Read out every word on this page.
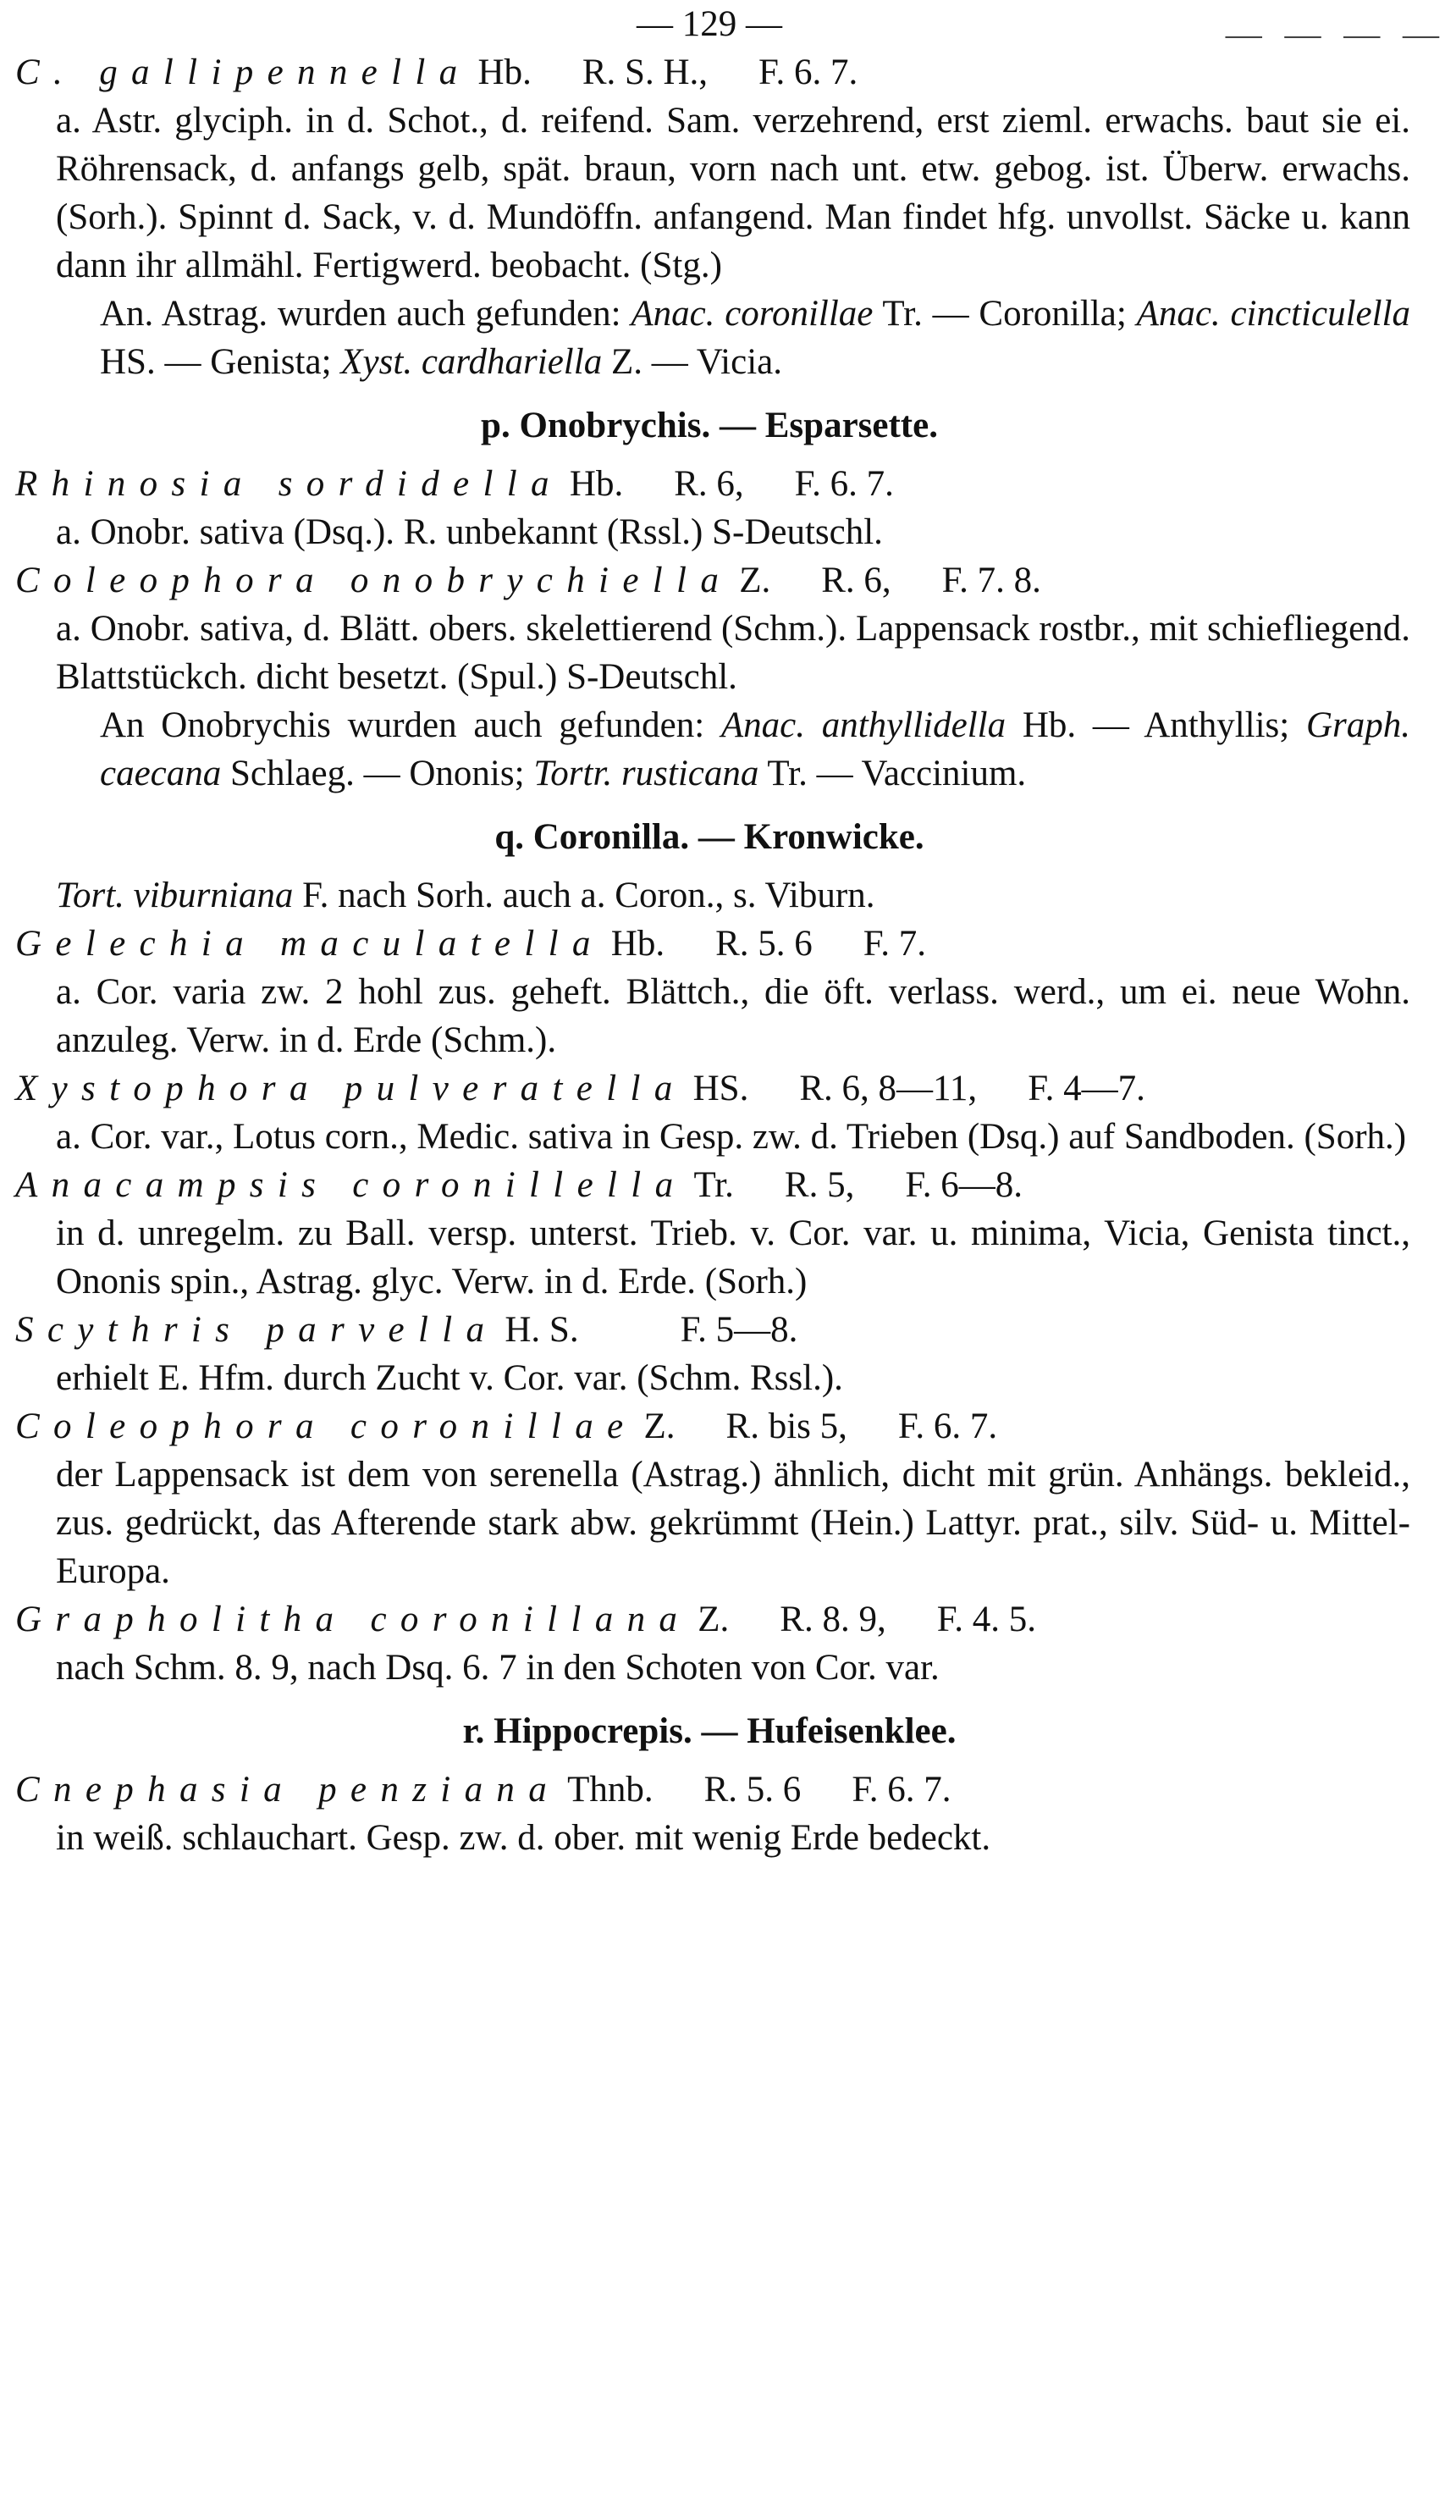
— 129 —	— — — —
C. gallipennella Hb. R. S. H., F. 6. 7.
a. Astr. glyciph. in d. Schot., d. reifend. Sam. verzehrend, erst zieml. erwachs. baut sie ei. Röhrensack, d. anfangs gelb, spät. braun, vorn nach unt. etw. gebog. ist. Überw. erwachs. (Sorh.). Spinnt d. Sack, v. d. Mundöffn. anfangend. Man findet hfg. unvollst. Säcke u. kann dann ihr allmähl. Fertigwerd. beobacht. (Stg.)
An. Astrag. wurden auch gefunden: Anac. coronillae Tr. — Coronilla; Anac. cincticulella HS. — Genista; Xyst. cardhariella Z. — Vicia.
p. Onobrychis. — Esparsette.
Rhinosia sordidella Hb. R. 6, F. 6. 7.
a. Onobr. sativa (Dsq.). R. unbekannt (Rssl.) S-Deutschl.
Coleophora onobrychiella Z. R. 6, F. 7. 8.
a. Onobr. sativa, d. Blätt. obers. skelettierend (Schm.). Lappensack rostbr., mit schiefliegend. Blattstückch. dicht besetzt. (Spul.) S-Deutschl.
An Onobrychis wurden auch gefunden: Anac. anthyllidella Hb. — Anthyllis; Graph. caecana Schlaeg. — Ononis; Tortr. rusticana Tr. — Vaccinium.
q. Coronilla. — Kronwicke.
Tort. viburniana F. nach Sorh. auch a. Coron., s. Viburn.
Gelechia maculatella Hb. R. 5. 6 F. 7.
a. Cor. varia zw. 2 hohl zus. geheft. Blättch., die öft. verlass. werd., um ei. neue Wohn. anzuleg. Verw. in d. Erde (Schm.).
Xystophora pulveratella HS. R. 6, 8—11, F. 4—7.
a. Cor. var., Lotus corn., Medic. sativa in Gesp. zw. d. Trieben (Dsq.) auf Sandboden. (Sorh.)
Anacampsis coronillella Tr. R. 5, F. 6—8.
in d. unregelm. zu Ball. versp. unterst. Trieb. v. Cor. var. u. minima, Vicia, Genista tinct., Ononis spin., Astrag. glyc. Verw. in d. Erde. (Sorh.)
Scythris parvella H. S.	F. 5—8.
erhielt E. Hfm. durch Zucht v. Cor. var. (Schm. Rssl.).
Coleophora coronillae Z. R. bis 5, F. 6. 7.
der Lappensack ist dem von serenella (Astrag.) ähnlich, dicht mit grün. Anhängs. bekleid., zus. gedrückt, das Afterende stark abw. gekrümmt (Hein.) Lattyr. prat., silv. Süd- u. Mittel-Europa.
Grapholitha coronillana Z. R. 8. 9, F. 4. 5.
nach Schm. 8. 9, nach Dsq. 6. 7 in den Schoten von Cor. var.
r. Hippocrepis. — Hufeisenklee.
Cnephasia penziana Thnb. R. 5. 6 F. 6. 7.
in weiß. schlauchart. Gesp. zw. d. ober. mit wenig Erde bedeckt.
